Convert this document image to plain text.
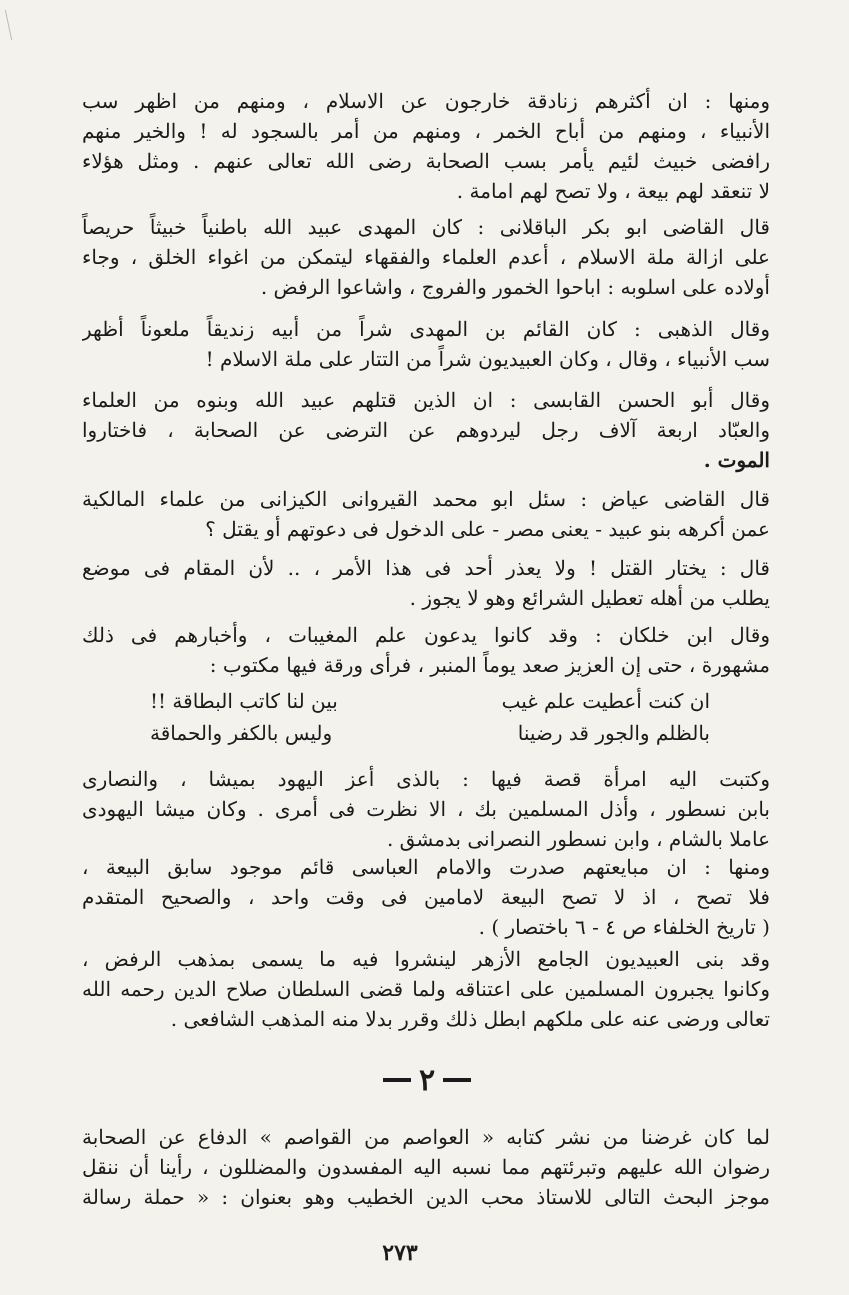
ومنها : ان أكثرهم زنادقة خارجون عن الاسلام ، ومنهم من اظهر سب
الأنبياء ، ومنهم من أباح الخمر ، ومنهم من أمر بالسجود له ! والخير منهم
رافضى خبيث لئيم يأمر بسب الصحابة رضى الله تعالى عنهم . ومثل هؤلاء
لا تنعقد لهم بيعة ، ولا تصح لهم امامة .
قال القاضى ابو بكر الباقلانى : كان المهدى عبيد الله باطنياً خبيثاً حريصاً
على ازالة ملة الاسلام ، أعدم العلماء والفقهاء ليتمكن من اغواء الخلق ، وجاء
أولاده على اسلوبه : اباحوا الخمور والفروج ، واشاعوا الرفض .
وقال الذهبى : كان القائم بن المهدى شراً من أبيه زنديقاً ملعوناً أظهر
سب الأنبياء ، وقال ، وكان العبيديون شراً من التتار على ملة الاسلام !
وقال أبو الحسن القابسى : ان الذين قتلهم عبيد الله وبنوه من العلماء
والعبّاد اربعة آلاف رجل ليردوهم عن الترضى عن الصحابة ، فاختاروا
الموت .
قال القاضى عياض : سئل ابو محمد القيروانى الكيزانى من علماء المالكية
عمن أكرهه بنو عبيد - يعنى مصر - على الدخول فى دعوتهم أو يقتل ؟
قال : يختار القتل ! ولا يعذر أحد فى هذا الأمر ، .. لأن المقام فى موضع
يطلب من أهله تعطيل الشرائع وهو لا يجوز .
وقال ابن خلكان : وقد كانوا يدعون علم المغيبات ، وأخبارهم فى ذلك
مشهورة ، حتى إن العزيز صعد يوماً المنبر ، فرأى ورقة فيها مكتوب :
ان كنت أعطيت علم غيب
بين لنا كاتب البطاقة !!
بالظلم والجور قد رضينا
وليس بالكفر والحماقة
وكتبت اليه امرأة قصة فيها : بالذى أعز اليهود بميشا ، والنصارى
بابن نسطور ، وأذل المسلمين بك ، الا نظرت فى أمرى . وكان ميشا اليهودى
عاملا بالشام ، وابن نسطور النصرانى بدمشق .
ومنها : ان مبايعتهم صدرت والامام العباسى قائم موجود سابق البيعة ،
فلا تصح ، اذ لا تصح البيعة لامامين فى وقت واحد ، والصحيح المتقدم
( تاريخ الخلفاء ص ٤ - ٦ باختصار ) .
وقد بنى العبيديون الجامع الأزهر لينشروا فيه ما يسمى بمذهب الرفض ،
وكانوا يجبرون المسلمين على اعتناقه ولما قضى السلطان صلاح الدين رحمه الله
تعالى ورضى عنه على ملكهم ابطل ذلك وقرر بدلا منه المذهب الشافعى .
٢
لما كان غرضنا من نشر كتابه « العواصم من القواصم » الدفاع عن الصحابة
رضوان الله عليهم وتبرئتهم مما نسبه اليه المفسدون والمضللون ، رأينا أن ننقل
موجز البحث التالى للاستاذ محب الدين الخطيب وهو بعنوان : « حملة رسالة
٢٧٣
